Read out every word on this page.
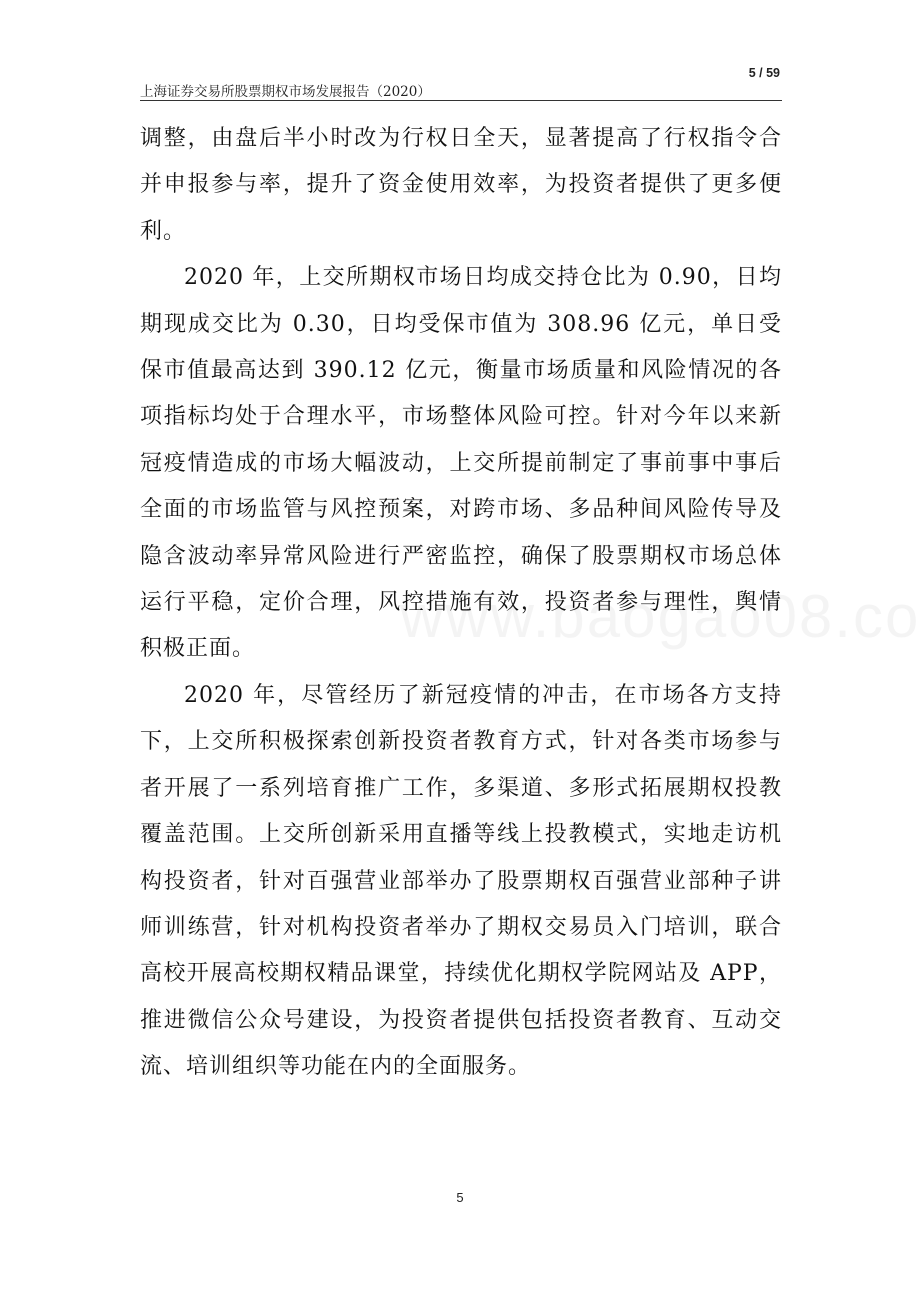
上海证券交易所股票期权市场发展报告（2020）
5 / 59

调整，由盘后半小时改为行权日全天，显著提高了行权指令合并申报参与率，提升了资金使用效率，为投资者提供了更多便利。

2020 年，上交所期权市场日均成交持仓比为 0.90，日均期现成交比为 0.30，日均受保市值为 308.96 亿元，单日受保市值最高达到 390.12 亿元，衡量市场质量和风险情况的各项指标均处于合理水平，市场整体风险可控。针对今年以来新冠疫情造成的市场大幅波动，上交所提前制定了事前事中事后全面的市场监管与风控预案，对跨市场、多品种间风险传导及隐含波动率异常风险进行严密监控，确保了股票期权市场总体运行平稳，定价合理，风控措施有效，投资者参与理性，舆情积极正面。

2020 年，尽管经历了新冠疫情的冲击，在市场各方支持下，上交所积极探索创新投资者教育方式，针对各类市场参与者开展了一系列培育推广工作，多渠道、多形式拓展期权投教覆盖范围。上交所创新采用直播等线上投教模式，实地走访机构投资者，针对百强营业部举办了股票期权百强营业部种子讲师训练营，针对机构投资者举办了期权交易员入门培训，联合高校开展高校期权精品课堂，持续优化期权学院网站及 APP，推进微信公众号建设，为投资者提供包括投资者教育、互动交流、培训组织等功能在内的全面服务。

5
